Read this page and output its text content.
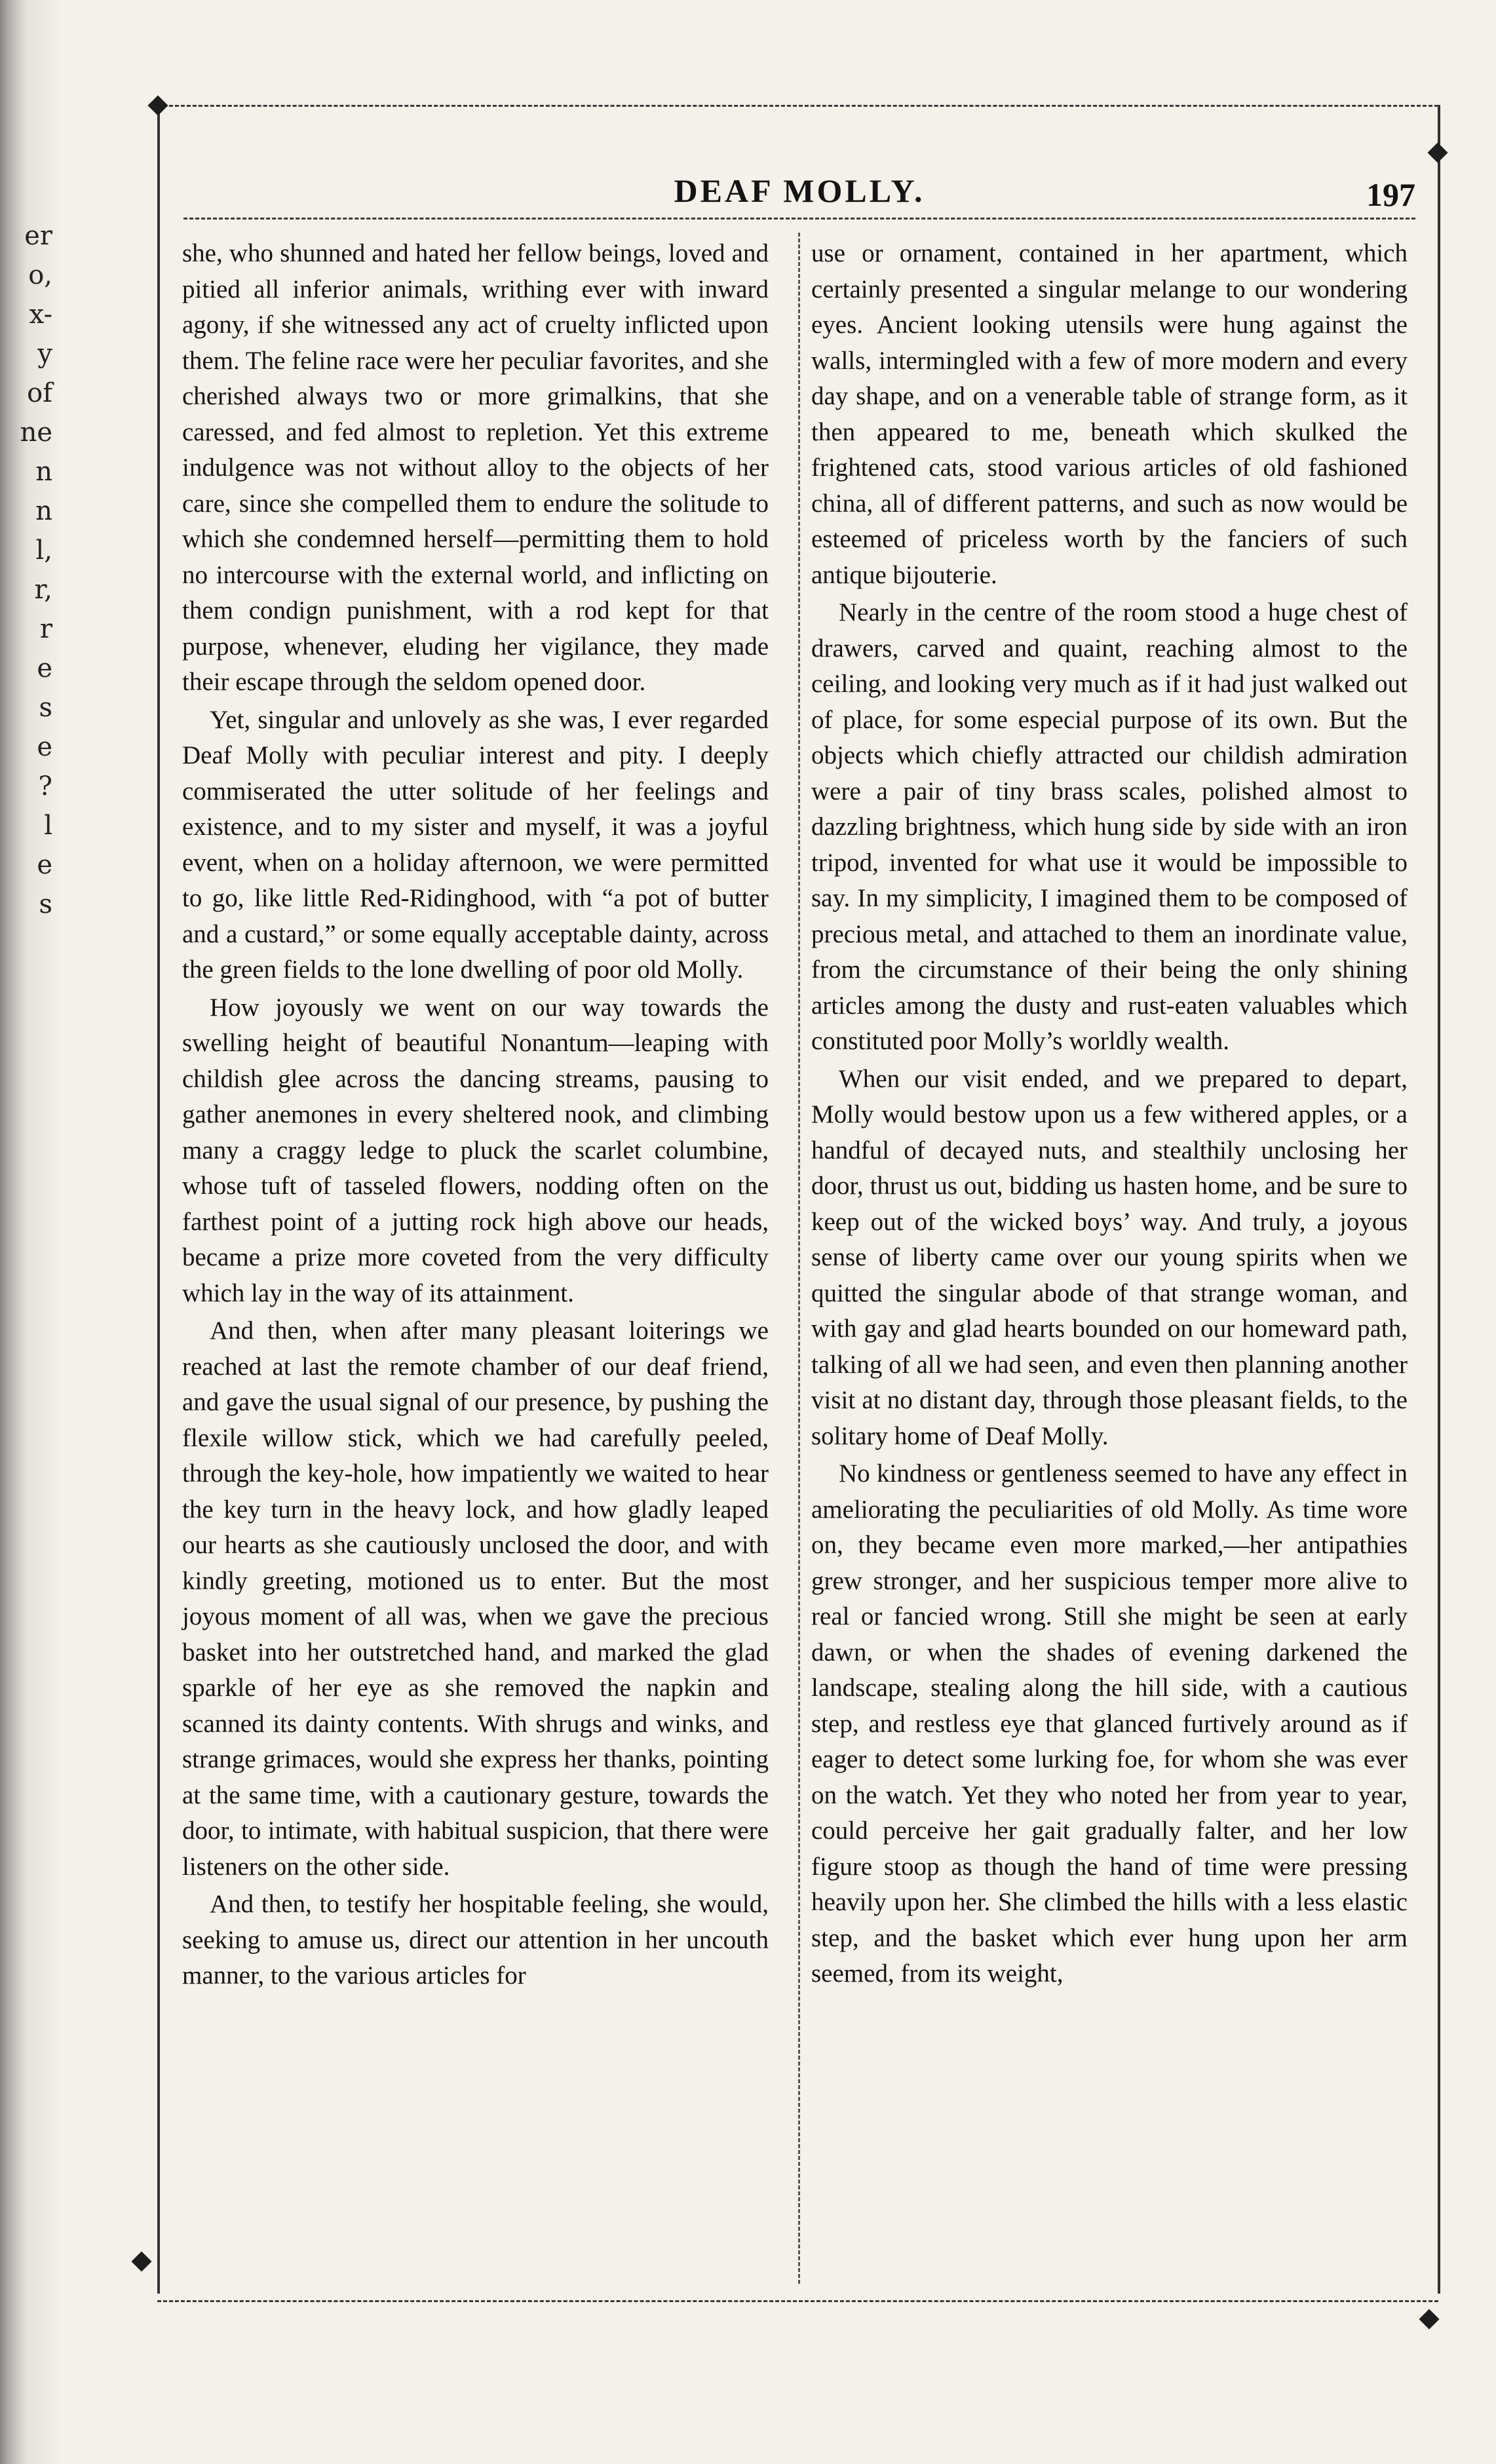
er
o,
x-
y
of
ne
n
n
l,
r,
r
e
s
e
?
l
e
s
DEAF MOLLY.	197

she, who shunned and hated her fellow beings, loved and pitied all inferior animals, writhing ever with inward agony, if she witnessed any act of cruelty inflicted upon them. The feline race were her peculiar favorites, and she cherished always two or more grimalkins, that she caressed, and fed almost to repletion. Yet this extreme indulgence was not without alloy to the objects of her care, since she compelled them to endure the solitude to which she condemned herself—permitting them to hold no intercourse with the external world, and inflicting on them condign punishment, with a rod kept for that purpose, whenever, eluding her vigilance, they made their escape through the seldom opened door.

Yet, singular and unlovely as she was, I ever regarded Deaf Molly with peculiar interest and pity. I deeply commiserated the utter solitude of her feelings and existence, and to my sister and myself, it was a joyful event, when on a holiday afternoon, we were permitted to go, like little Red-Ridinghood, with “a pot of butter and a custard,” or some equally acceptable dainty, across the green fields to the lone dwelling of poor old Molly.

How joyously we went on our way towards the swelling height of beautiful Nonantum—leaping with childish glee across the dancing streams, pausing to gather anemones in every sheltered nook, and climbing many a craggy ledge to pluck the scarlet columbine, whose tuft of tasseled flowers, nodding often on the farthest point of a jutting rock high above our heads, became a prize more coveted from the very difficulty which lay in the way of its attainment.

And then, when after many pleasant loiterings we reached at last the remote chamber of our deaf friend, and gave the usual signal of our presence, by pushing the flexile willow stick, which we had carefully peeled, through the key-hole, how impatiently we waited to hear the key turn in the heavy lock, and how gladly leaped our hearts as she cautiously unclosed the door, and with kindly greeting, motioned us to enter. But the most joyous moment of all was, when we gave the precious basket into her outstretched hand, and marked the glad sparkle of her eye as she removed the napkin and scanned its dainty contents. With shrugs and winks, and strange grimaces, would she express her thanks, pointing at the same time, with a cautionary gesture, towards the door, to intimate, with habitual suspicion, that there were listeners on the other side.

And then, to testify her hospitable feeling, she would, seeking to amuse us, direct our attention in her uncouth manner, to the various articles for

use or ornament, contained in her apartment, which certainly presented a singular melange to our wondering eyes. Ancient looking utensils were hung against the walls, intermingled with a few of more modern and every day shape, and on a venerable table of strange form, as it then appeared to me, beneath which skulked the frightened cats, stood various articles of old fashioned china, all of different patterns, and such as now would be esteemed of priceless worth by the fanciers of such antique bijouterie.

Nearly in the centre of the room stood a huge chest of drawers, carved and quaint, reaching almost to the ceiling, and looking very much as if it had just walked out of place, for some especial purpose of its own. But the objects which chiefly attracted our childish admiration were a pair of tiny brass scales, polished almost to dazzling brightness, which hung side by side with an iron tripod, invented for what use it would be impossible to say. In my simplicity, I imagined them to be composed of precious metal, and attached to them an inordinate value, from the circumstance of their being the only shining articles among the dusty and rust-eaten valuables which constituted poor Molly’s worldly wealth.

When our visit ended, and we prepared to depart, Molly would bestow upon us a few withered apples, or a handful of decayed nuts, and stealthily unclosing her door, thrust us out, bidding us hasten home, and be sure to keep out of the wicked boys’ way. And truly, a joyous sense of liberty came over our young spirits when we quitted the singular abode of that strange woman, and with gay and glad hearts bounded on our homeward path, talking of all we had seen, and even then planning another visit at no distant day, through those pleasant fields, to the solitary home of Deaf Molly.

No kindness or gentleness seemed to have any effect in ameliorating the peculiarities of old Molly. As time wore on, they became even more marked,—her antipathies grew stronger, and her suspicious temper more alive to real or fancied wrong. Still she might be seen at early dawn, or when the shades of evening darkened the landscape, stealing along the hill side, with a cautious step, and restless eye that glanced furtively around as if eager to detect some lurking foe, for whom she was ever on the watch. Yet they who noted her from year to year, could perceive her gait gradually falter, and her low figure stoop as though the hand of time were pressing heavily upon her. She climbed the hills with a less elastic step, and the basket which ever hung upon her arm seemed, from its weight,
